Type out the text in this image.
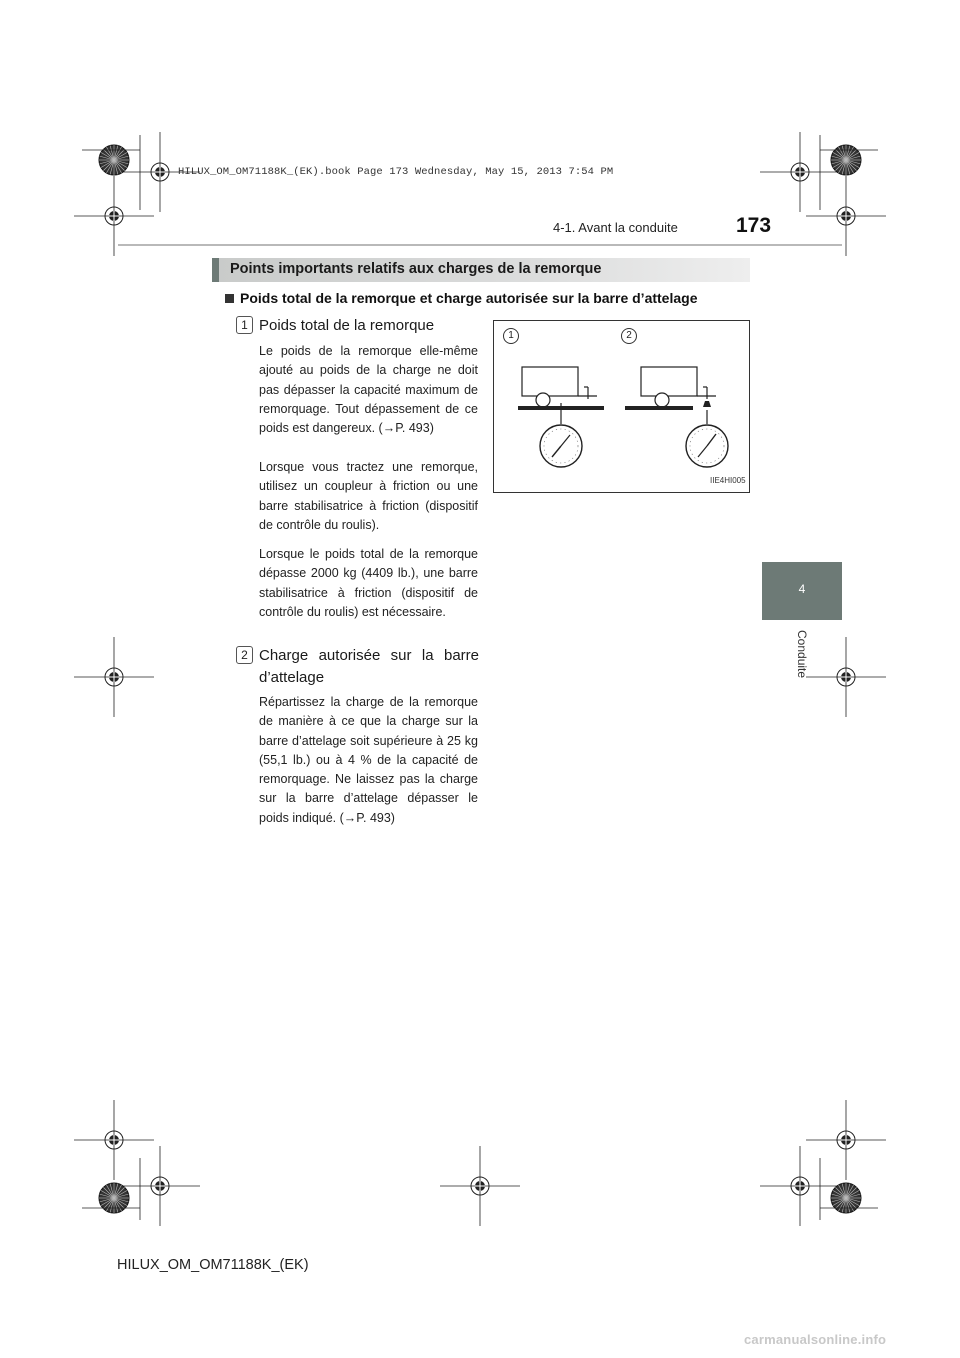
HILUX_OM_OM71188K_(EK).book Page 173 Wednesday, May 15, 2013 7:54 PM
4-1. Avant la conduite	173
4
Conduite
Points importants relatifs aux charges de la remorque
Poids total de la remorque et charge autorisée sur la barre d’attelage
1 Poids total de la remorque

Le poids de la remorque elle-même ajouté au poids de la charge ne doit pas dépasser la capacité maximum de remorquage. Tout dépassement de ce poids est dangereux. (→P. 493)

Lorsque vous tractez une remorque, utilisez un coupleur à friction ou une barre stabilisatrice à friction (dispositif de contrôle du roulis).

Lorsque le poids total de la remorque dépasse 2000 kg (4409 lb.), une barre stabilisatrice à friction (dispositif de contrôle du roulis) est nécessaire.

2 Charge autorisée sur la barre d’attelage

Répartissez la charge de la remorque de manière à ce que la charge sur la barre d’attelage soit supérieure à 25 kg (55,1 lb.) ou à 4 % de la capacité de remorquage. Ne laissez pas la charge sur la barre d’attelage dépasser le poids indiqué. (→P. 493)

1	2
IIE4HI005
HILUX_OM_OM71188K_(EK)
carmanualsonline.info
